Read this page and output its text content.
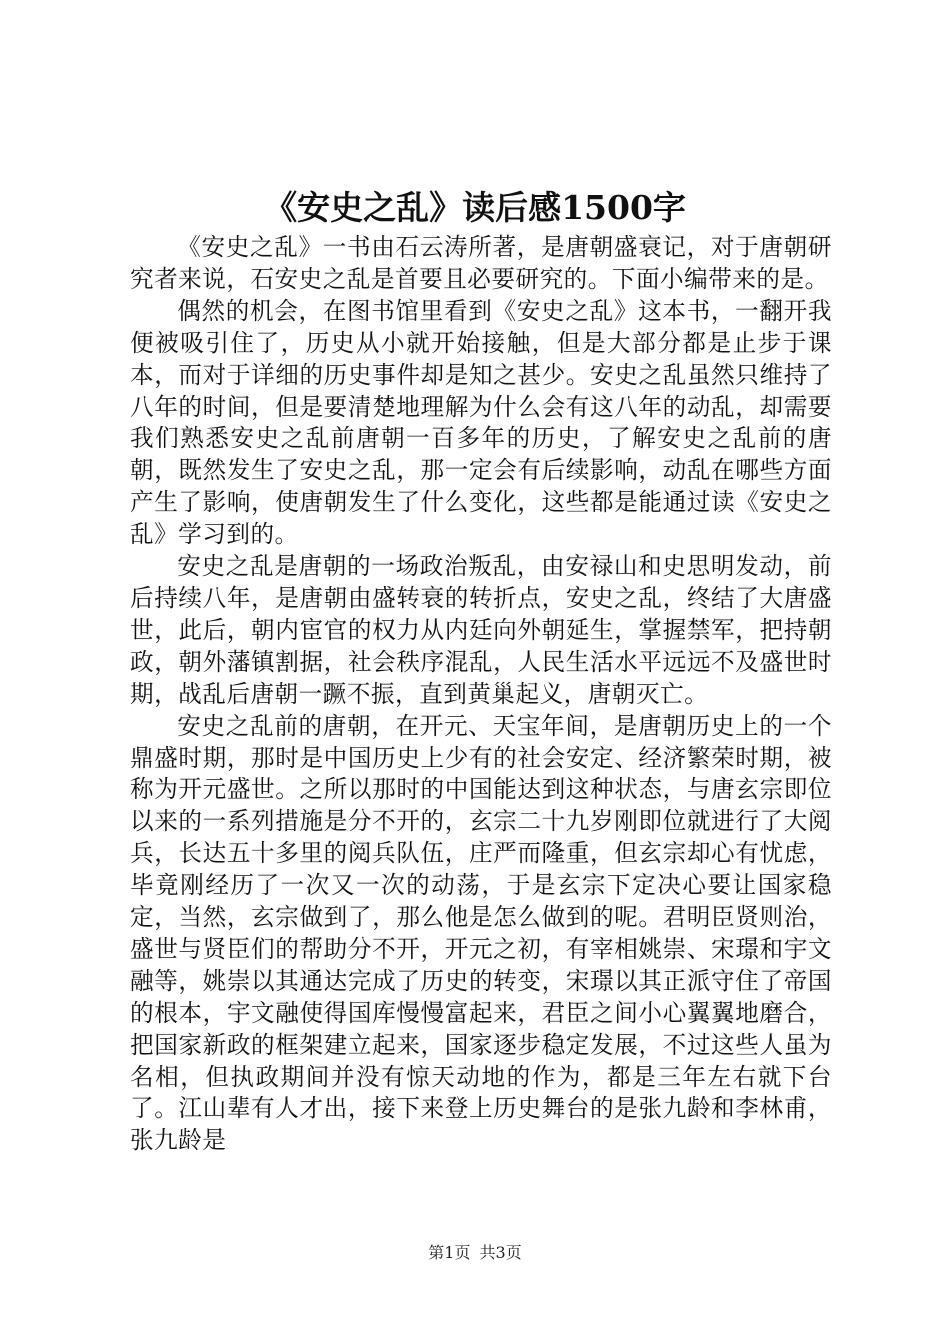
《安史之乱》读后感1500字

《安史之乱》一书由石云涛所著，是唐朝盛衰记，对于唐朝研究者来说，石安史之乱是首要且必要研究的。下面小编带来的是。

偶然的机会，在图书馆里看到《安史之乱》这本书，一翻开我便被吸引住了，历史从小就开始接触，但是大部分都是止步于课本，而对于详细的历史事件却是知之甚少。安史之乱虽然只维持了八年的时间，但是要清楚地理解为什么会有这八年的动乱，却需要我们熟悉安史之乱前唐朝一百多年的历史，了解安史之乱前的唐朝，既然发生了安史之乱，那一定会有后续影响，动乱在哪些方面产生了影响，使唐朝发生了什么变化，这些都是能通过读《安史之乱》学习到的。

安史之乱是唐朝的一场政治叛乱，由安禄山和史思明发动，前后持续八年，是唐朝由盛转衰的转折点，安史之乱，终结了大唐盛世，此后，朝内宦官的权力从内廷向外朝延生，掌握禁军，把持朝政，朝外藩镇割据，社会秩序混乱，人民生活水平远远不及盛世时期，战乱后唐朝一蹶不振，直到黄巢起义，唐朝灭亡。

安史之乱前的唐朝，在开元、天宝年间，是唐朝历史上的一个鼎盛时期，那时是中国历史上少有的社会安定、经济繁荣时期，被称为开元盛世。之所以那时的中国能达到这种状态，与唐玄宗即位以来的一系列措施是分不开的，玄宗二十九岁刚即位就进行了大阅兵，长达五十多里的阅兵队伍，庄严而隆重，但玄宗却心有忧虑，毕竟刚经历了一次又一次的动荡，于是玄宗下定决心要让国家稳定，当然，玄宗做到了，那么他是怎么做到的呢。君明臣贤则治，盛世与贤臣们的帮助分不开，开元之初，有宰相姚崇、宋璟和宇文融等，姚崇以其通达完成了历史的转变，宋璟以其正派守住了帝国的根本，宇文融使得国库慢慢富起来，君臣之间小心翼翼地磨合，把国家新政的框架建立起来，国家逐步稳定发展，不过这些人虽为名相，但执政期间并没有惊天动地的作为，都是三年左右就下台了。江山辈有人才出，接下来登上历史舞台的是张九龄和李林甫，张九龄是

第1页 共3页
